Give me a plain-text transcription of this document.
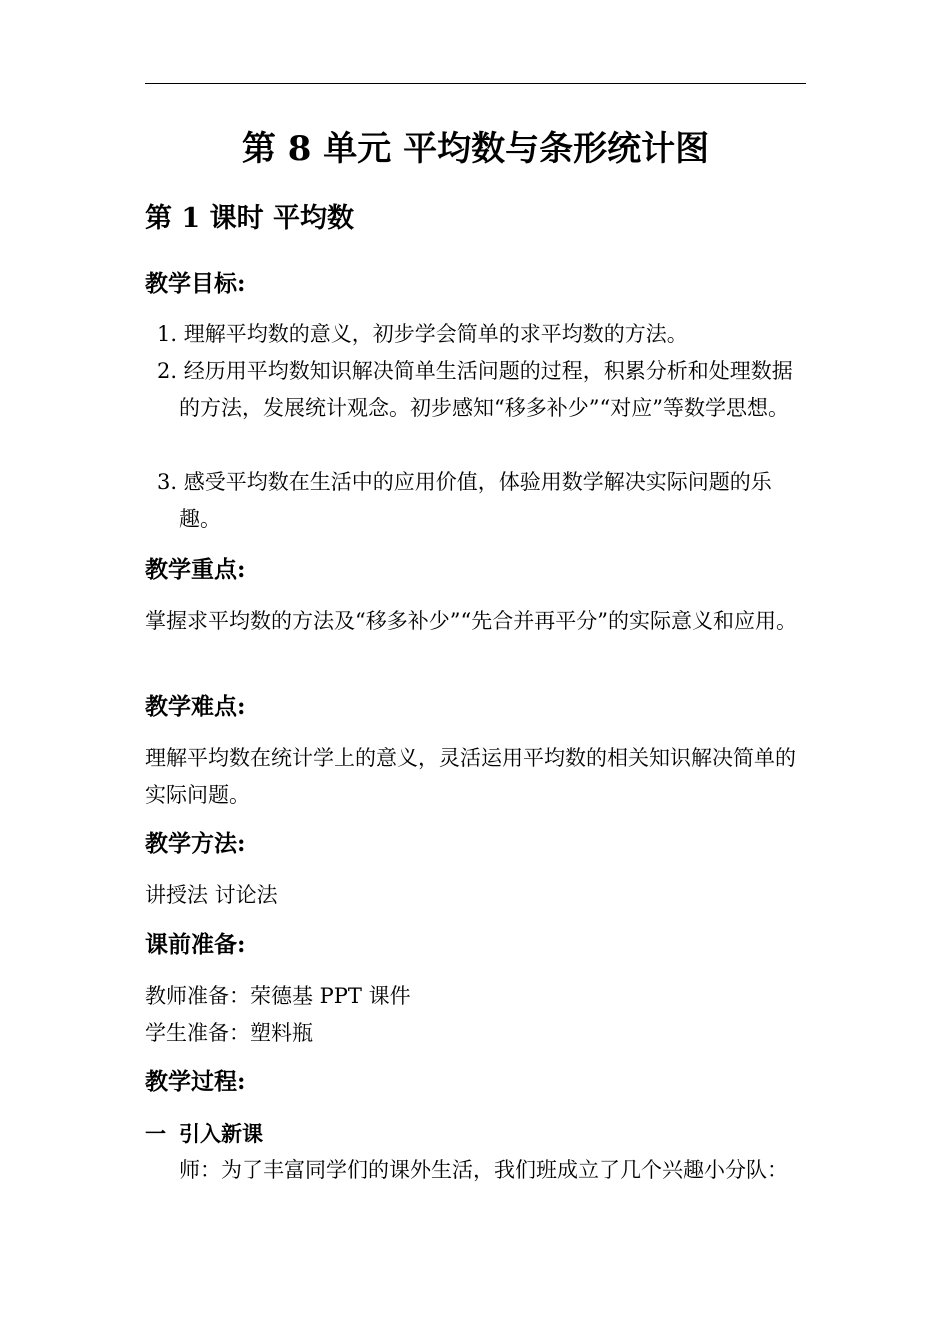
第 8 单元 平均数与条形统计图
第 1 课时 平均数
教学目标:
1. 理解平均数的意义，初步学会简单的求平均数的方法。
2. 经历用平均数知识解决简单生活问题的过程，积累分析和处理数据的方法，发展统计观念。初步感知“移多补少”“对应”等数学思想。
3. 感受平均数在生活中的应用价值，体验用数学解决实际问题的乐趣。
教学重点:
掌握求平均数的方法及“移多补少”“先合并再平分”的实际意义和应用。
教学难点:
理解平均数在统计学上的意义，灵活运用平均数的相关知识解决简单的实际问题。
教学方法:
讲授法 讨论法
课前准备:
教师准备：荣德基 PPT 课件
学生准备：塑料瓶
教学过程:
一 引入新课
师：为了丰富同学们的课外生活，我们班成立了几个兴趣小分队：
